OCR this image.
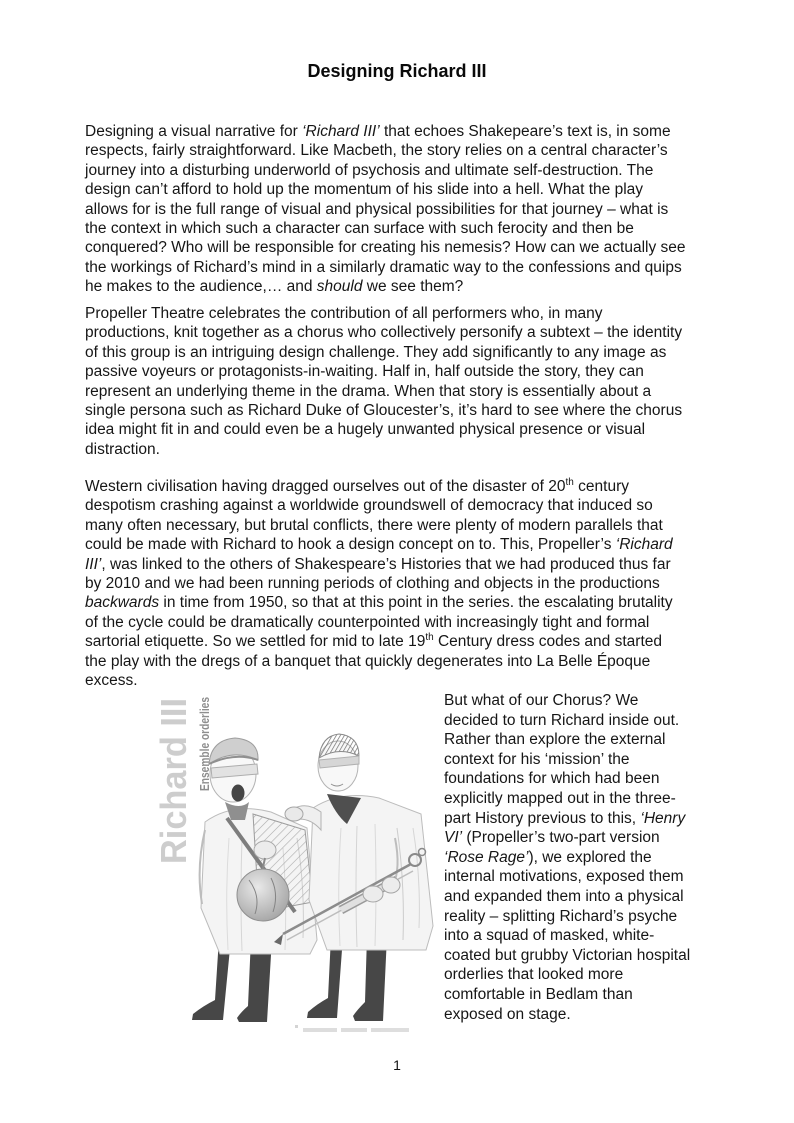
Designing Richard III

Designing a visual narrative for ‘Richard III’ that echoes Shakepeare’s text is, in some respects, fairly straightforward. Like Macbeth, the story relies on a central character’s journey into a disturbing underworld of psychosis and ultimate self-destruction. The design can’t afford to hold up the momentum of his slide into a hell. What the play allows for is the full range of visual and physical possibilities for that journey – what is the context in which such a character can surface with such ferocity and then be conquered? Who will be responsible for creating his nemesis? How can we actually see the workings of Richard’s mind in a similarly dramatic way to the confessions and quips he makes to the audience,… and should we see them?

Propeller Theatre celebrates the contribution of all performers who, in many productions, knit together as a chorus who collectively personify a subtext – the identity of this group is an intriguing design challenge. They add significantly to any image as passive voyeurs or protagonists-in-waiting. Half in, half outside the story, they can represent an underlying theme in the drama. When that story is essentially about a single persona such as Richard Duke of Gloucester’s, it’s hard to see where the chorus idea might fit in and could even be a hugely unwanted physical presence or visual distraction.

Western civilisation having dragged ourselves out of the disaster of 20th century despotism crashing against a worldwide groundswell of democracy that induced so many often necessary, but brutal conflicts, there were plenty of modern parallels that could be made with Richard to hook a design concept on to. This, Propeller’s ‘Richard III’, was linked to the others of Shakespeare’s Histories that we had produced thus far by 2010 and we had been running periods of clothing and objects in the productions backwards in time from 1950, so that at this point in the series. the escalating brutality of the cycle could be dramatically counterpointed with increasingly tight and formal sartorial etiquette. So we settled for mid to late 19th Century dress codes and started the play with the dregs of a banquet that quickly degenerates into La Belle Époque excess.

Richard III Ensemble orderlies	But what of our Chorus? We decided to turn Richard inside out. Rather than explore the external context for his ‘mission’ the foundations for which had been explicitly mapped out in the three-part History previous to this, ‘Henry VI’ (Propeller’s two-part version ‘Rose Rage’), we explored the internal motivations, exposed them and expanded them into a physical reality – splitting Richard’s psyche into a squad of masked, white-coated but grubby Victorian hospital orderlies that looked more comfortable in Bedlam than exposed on stage.

1
